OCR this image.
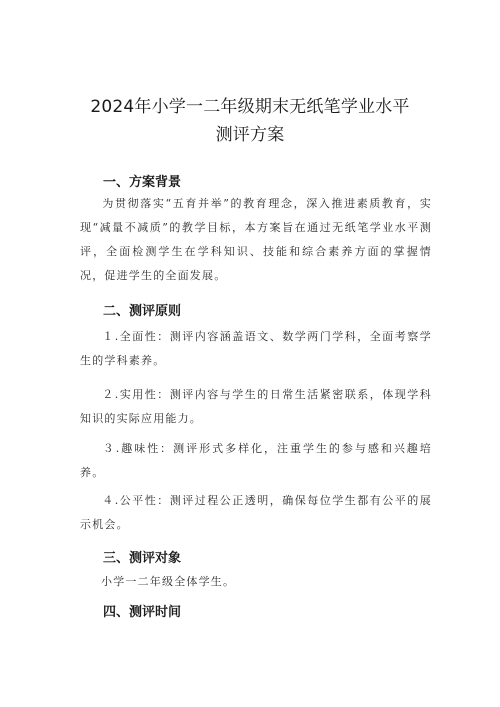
2024年小学一二年级期末无纸笔学业水平
测评方案
一、方案背景
为贯彻落实“五育并举”的教育理念，深入推进素质教育，实现“减量不减质”的教学目标，本方案旨在通过无纸笔学业水平测评，全面检测学生在学科知识、技能和综合素养方面的掌握情况，促进学生的全面发展。
二、测评原则
１.全面性：测评内容涵盖语文、数学两门学科，全面考察学生的学科素养。
２.实用性：测评内容与学生的日常生活紧密联系，体现学科知识的实际应用能力。
３.趣味性：测评形式多样化，注重学生的参与感和兴趣培养。
４.公平性：测评过程公正透明，确保每位学生都有公平的展示机会。
三、测评对象
小学一二年级全体学生。
四、测评时间
